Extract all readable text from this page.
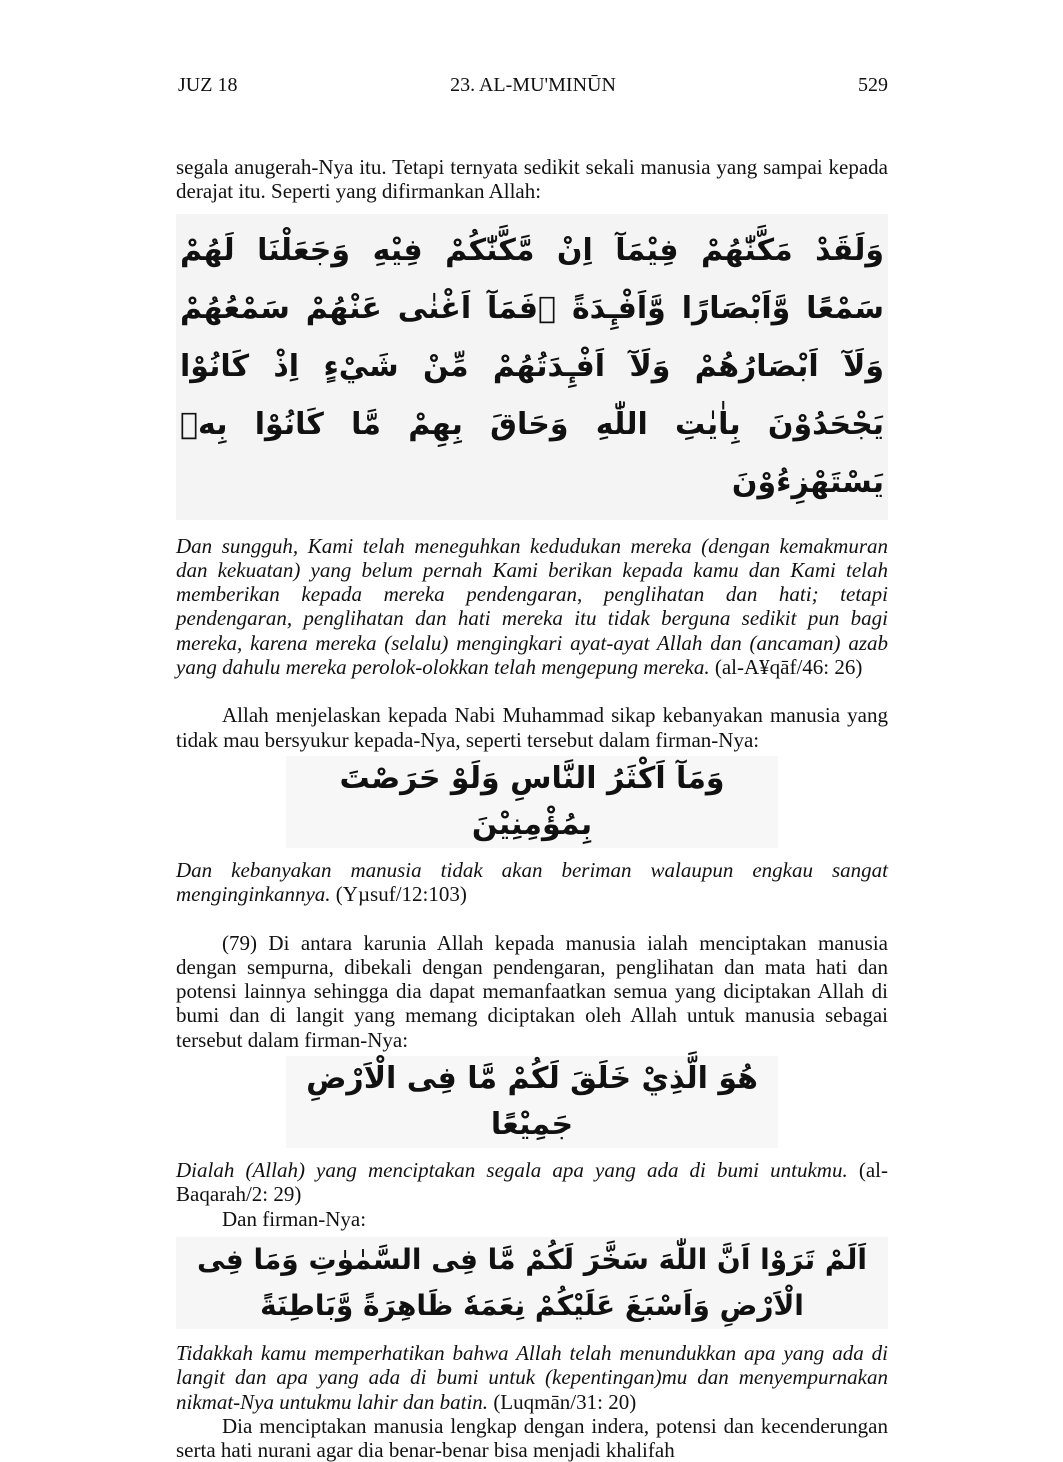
23. AL-MU'MINŪN
JUZ 18	529

segala anugerah-Nya itu. Tetapi ternyata sedikit sekali manusia yang sampai kepada derajat itu. Seperti yang difirmankan Allah:

وَلَقَدْ مَكَّنّٰهُمْ فِيْمَآ اِنْ مَّكَّنّٰكُمْ فِيْهِ وَجَعَلْنَا لَهُمْ سَمْعًا وَّاَبْصَارًا وَّاَفْـِٕدَةً ۖفَمَآ اَغْنٰى عَنْهُمْ سَمْعُهُمْ وَلَآ اَبْصَارُهُمْ وَلَآ اَفْـِٕدَتُهُمْ مِّنْ شَيْءٍ اِذْ كَانُوْا يَجْحَدُوْنَ بِاٰيٰتِ اللّٰهِ وَحَاقَ بِهِمْ مَّا كَانُوْا بِهٖ يَسْتَهْزِءُوْنَ

Dan sungguh, Kami telah meneguhkan kedudukan mereka (dengan kemakmuran dan kekuatan) yang belum pernah Kami berikan kepada kamu dan Kami telah memberikan kepada mereka pendengaran, penglihatan dan hati; tetapi pendengaran, penglihatan dan hati mereka itu tidak berguna sedikit pun bagi mereka, karena mereka (selalu) mengingkari ayat-ayat Allah dan (ancaman) azab yang dahulu mereka perolok-olokkan telah mengepung mereka. (al-A¥qāf/46: 26)

Allah menjelaskan kepada Nabi Muhammad sikap kebanyakan manusia yang tidak mau bersyukur kepada-Nya, seperti tersebut dalam firman-Nya:

وَمَآ اَكْثَرُ النَّاسِ وَلَوْ حَرَصْتَ بِمُؤْمِنِيْنَ

Dan kebanyakan manusia tidak akan beriman walaupun engkau sangat menginginkannya. (Yµsuf/12:103)

(79) Di antara karunia Allah kepada manusia ialah menciptakan manusia dengan sempurna, dibekali dengan pendengaran, penglihatan dan mata hati dan potensi lainnya sehingga dia dapat memanfaatkan semua yang diciptakan Allah di bumi dan di langit yang memang diciptakan oleh Allah untuk manusia sebagai tersebut dalam firman-Nya:

هُوَ الَّذِيْ خَلَقَ لَكُمْ مَّا فِى الْاَرْضِ جَمِيْعًا

Dialah (Allah) yang menciptakan segala apa yang ada di bumi untukmu. (al-Baqarah/2: 29)

Dan firman-Nya:

اَلَمْ تَرَوْا اَنَّ اللّٰهَ سَخَّرَ لَكُمْ مَّا فِى السَّمٰوٰتِ وَمَا فِى الْاَرْضِ وَاَسْبَغَ عَلَيْكُمْ نِعَمَهٗ ظَاهِرَةً وَّبَاطِنَةً

Tidakkah kamu memperhatikan bahwa Allah telah menundukkan apa yang ada di langit dan apa yang ada di bumi untuk (kepentingan)mu dan menyempurnakan nikmat-Nya untukmu lahir dan batin. (Luqmān/31: 20)

Dia menciptakan manusia lengkap dengan indera, potensi dan kecenderungan serta hati nurani agar dia benar-benar bisa menjadi khalifah
